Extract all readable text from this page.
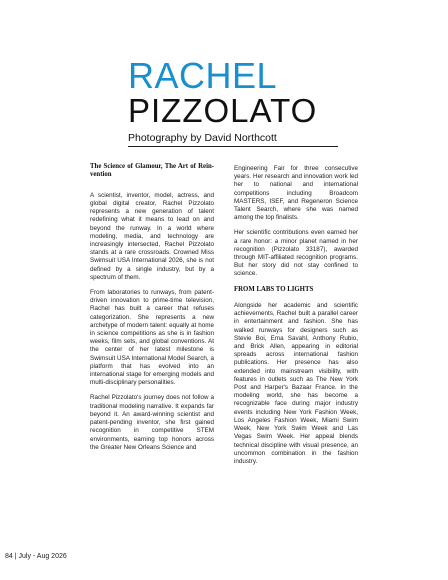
RACHEL
PIZZOLATO
Photography by David Northcott
The Science of Glamour, The Art of Rein-vention

A scientist, inventor, model, actress, and global digital creator, Rachel Pizzolato represents a new generation of talent redefining what it means to lead on and beyond the runway. In a world where modeling, media, and technology are increasingly intersected, Rachel Pizzolato stands at a rare crossroads. Crowned Miss Swimsuit USA International 2026, she is not defined by a single industry, but by a spectrum of them.

From laboratories to runways, from patent-driven innovation to prime-time television, Rachel has built a career that refuses categorization. She represents a new archetype of modern talent: equally at home in science competitions as she is in fashion weeks, film sets, and global conventions. At the center of her latest milestone is Swimsuit USA International Model Search, a platform that has evolved into an international stage for emerging models and multi-disciplinary personalities.

Rachel Pizzolato's journey does not follow a traditional modeling narrative. It expands far beyond it. An award-winning scientist and patent-pending inventor, she first gained recognition in competitive STEM environments, earning top honors across the Greater New Orleans Science and

Engineering Fair for three consecutive years. Her research and innovation work led her to national and international competitions including Broadcom MASTERS, ISEF, and Regeneron Science Talent Search, where she was named among the top finalists.

Her scientific contributions even earned her a rare honor: a minor planet named in her recognition (Pizzolato 33187), awarded through MIT-affiliated recognition programs. But her story did not stay confined to science.

FROM LABS TO LIGHTS

Alongside her academic and scientific achievements, Rachel built a parallel career in entertainment and fashion. She has walked runways for designers such as Stevie Boi, Ema Savahl, Anthony Rubio, and Brick Allen, appearing in editorial spreads across international fashion publications. Her presence has also extended into mainstream visibility, with features in outlets such as The New York Post and Harper's Bazaar France. In the modeling world, she has become a recognizable face during major industry events including New York Fashion Week, Los Angeles Fashion Week, Miami Swim Week, New York Swim Week and Las Vegas Swim Week. Her appeal blends technical discipline with visual presence, an uncommon combination in the fashion industry.

84 | July - Aug 2026
